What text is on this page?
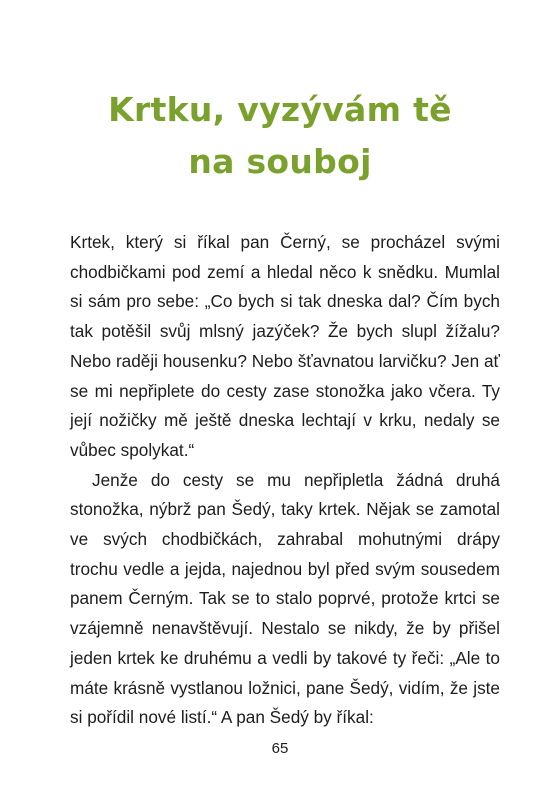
Krtku, vyzývám tě
na souboj

Krtek, který si říkal pan Černý, se procházel svými chodbičkami pod zemí a hledal něco k snědku. Mumlal si sám pro sebe: „Co bych si tak dneska dal? Čím bych tak potěšil svůj mlsný jazýček? Že bych slupl žížalu? Nebo raději housenku? Nebo šťavnatou larvičku? Jen ať se mi nepřiplete do cesty zase stonožka jako včera. Ty její nožičky mě ještě dneska lechtají v krku, nedaly se vůbec spolykat.“

Jenže do cesty se mu nepřipletla žádná druhá stonožka, nýbrž pan Šedý, taky krtek. Nějak se zamotal ve svých chodbičkách, zahrabal mohutnými drápy trochu vedle a jejda, najednou byl před svým sousedem panem Černým. Tak se to stalo poprvé, protože krtci se vzájemně nenavštěvují. Nestalo se nikdy, že by přišel jeden krtek ke druhému a vedli by takové ty řeči: „Ale to máte krásně vystlanou ložnici, pane Šedý, vidím, že jste si pořídil nové listí.“ A pan Šedý by říkal:

65
